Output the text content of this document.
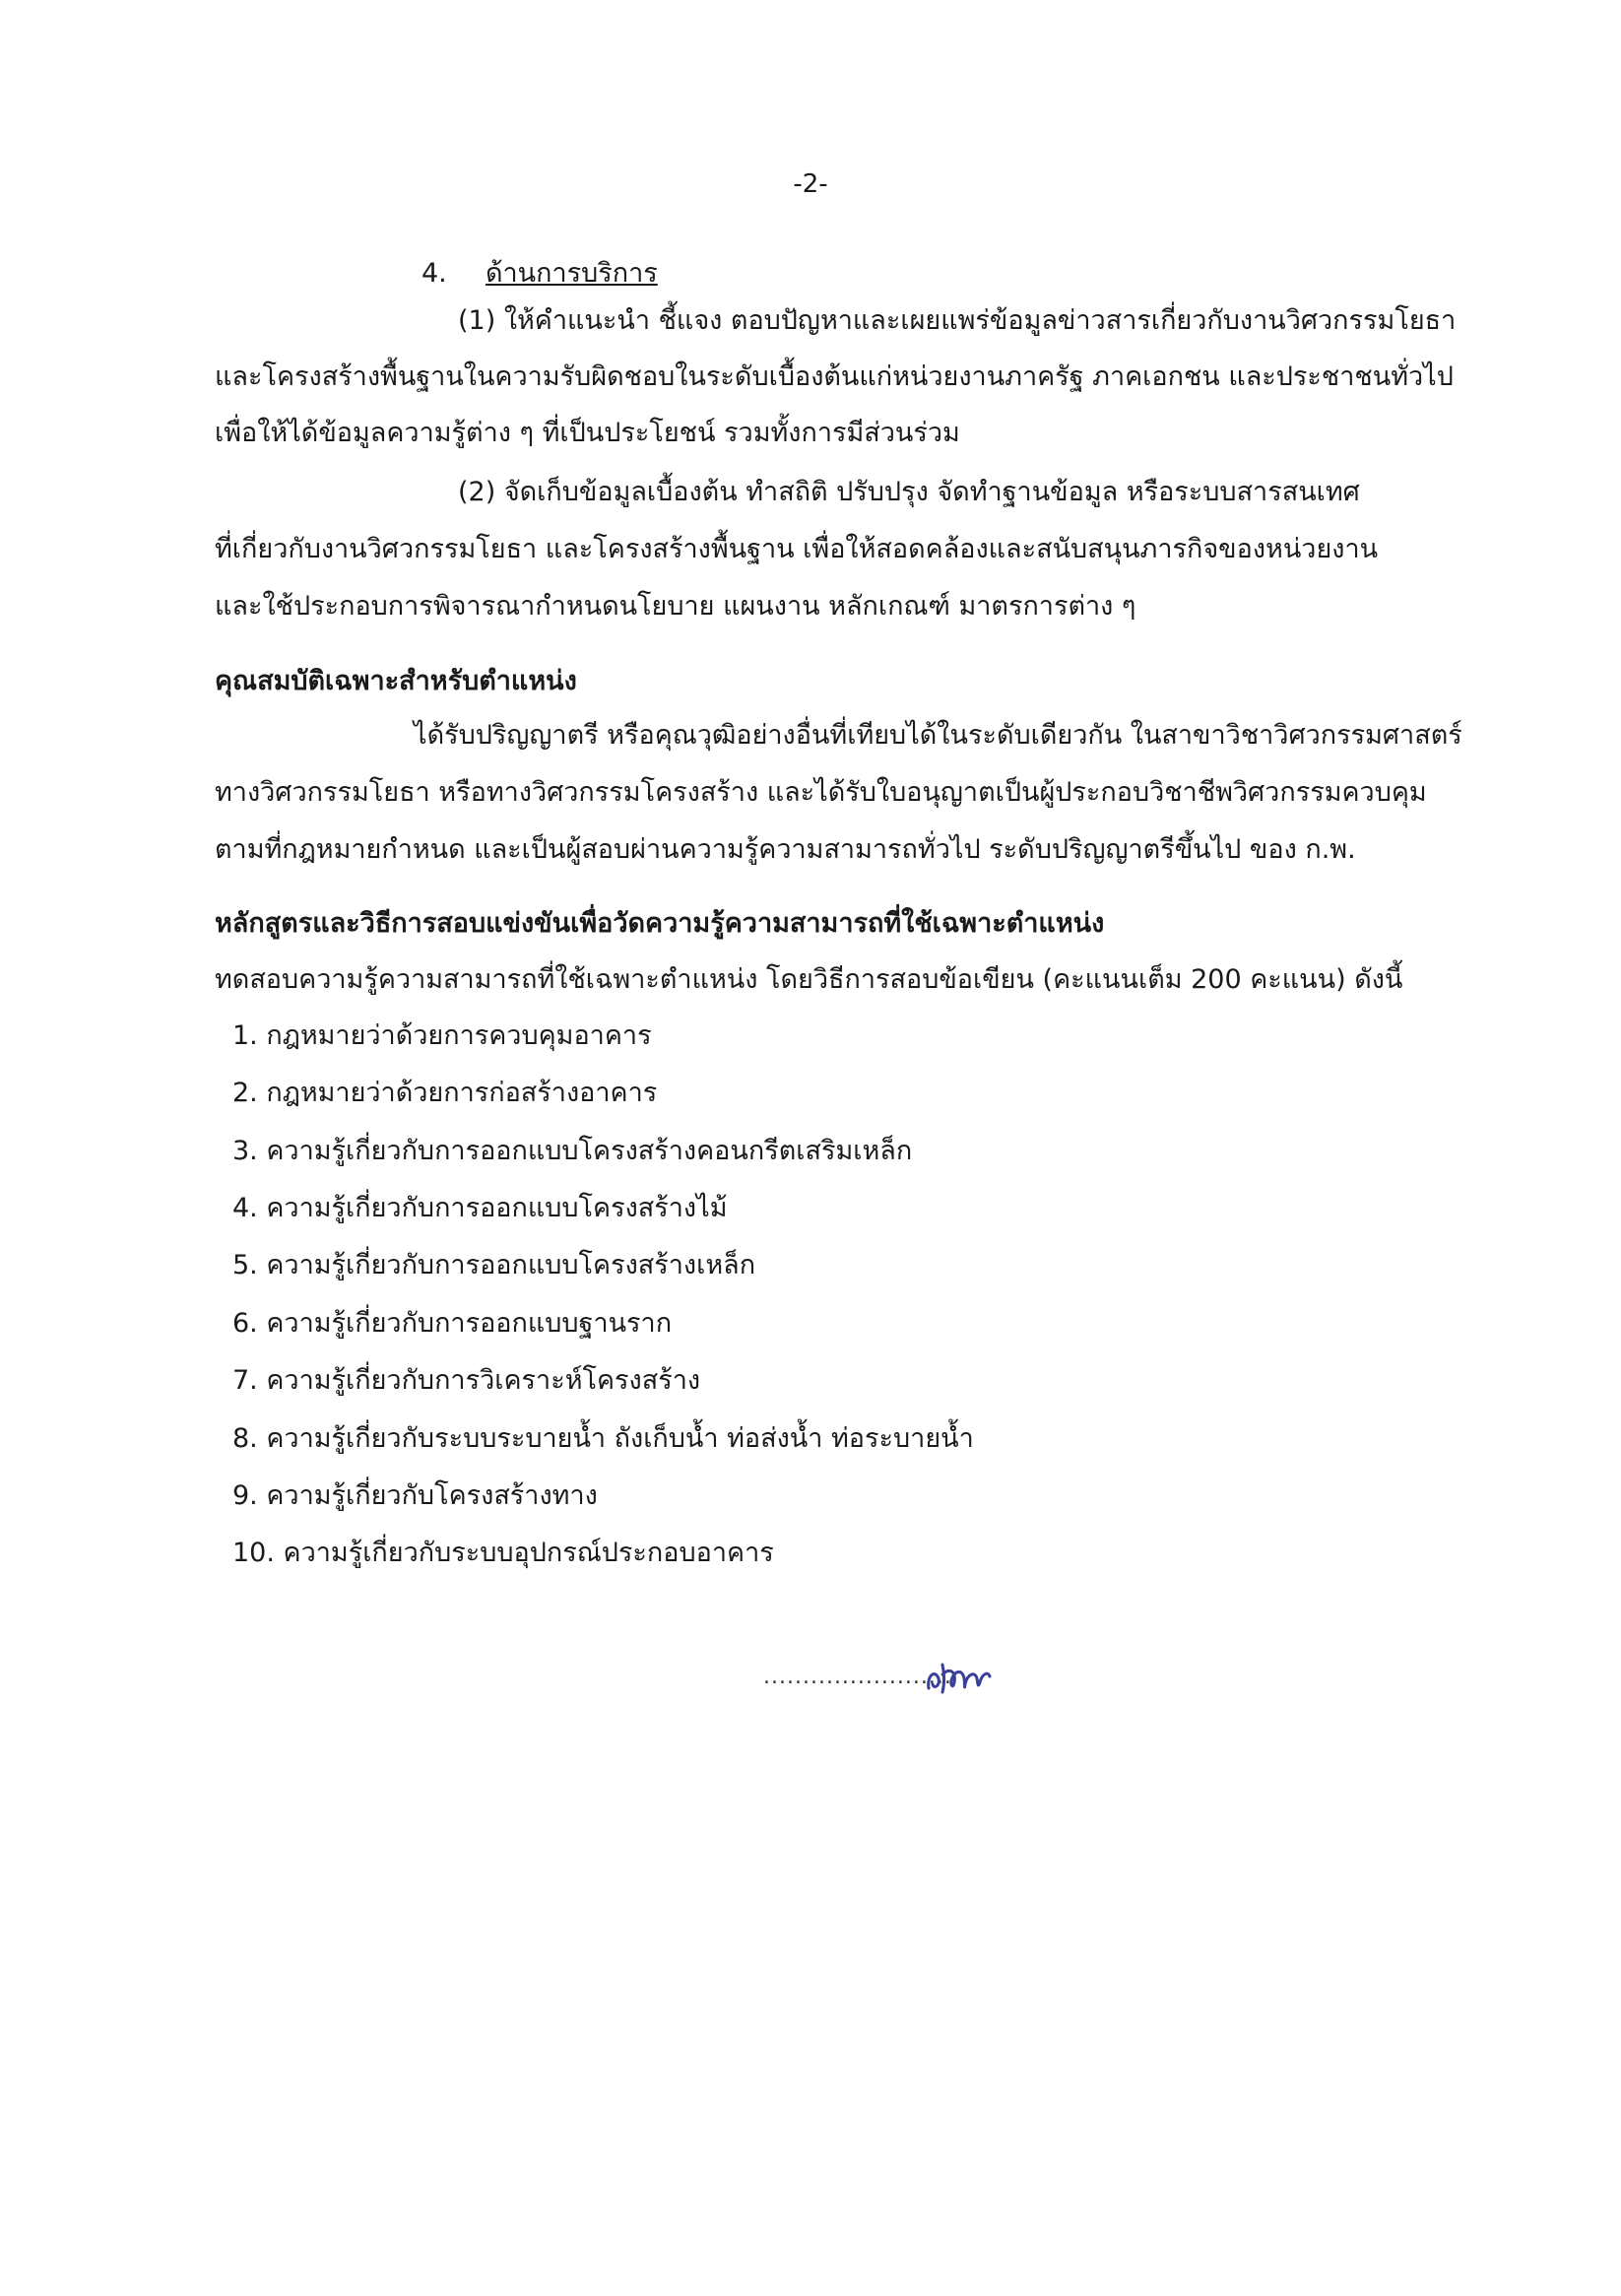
-2-
4. ด้านการบริการ
(1) ให้คำแนะนำ ชี้แจง ตอบปัญหาและเผยแพร่ข้อมูลข่าวสารเกี่ยวกับงานวิศวกรรมโยธา
และโครงสร้างพื้นฐานในความรับผิดชอบในระดับเบื้องต้นแก่หน่วยงานภาครัฐ ภาคเอกชน และประชาชนทั่วไป
เพื่อให้ได้ข้อมูลความรู้ต่าง ๆ ที่เป็นประโยชน์ รวมทั้งการมีส่วนร่วม
(2) จัดเก็บข้อมูลเบื้องต้น ทำสถิติ ปรับปรุง จัดทำฐานข้อมูล หรือระบบสารสนเทศ
ที่เกี่ยวกับงานวิศวกรรมโยธา และโครงสร้างพื้นฐาน เพื่อให้สอดคล้องและสนับสนุนภารกิจของหน่วยงาน
และใช้ประกอบการพิจารณากำหนดนโยบาย แผนงาน หลักเกณฑ์ มาตรการต่าง ๆ
คุณสมบัติเฉพาะสำหรับตำแหน่ง
ได้รับปริญญาตรี หรือคุณวุฒิอย่างอื่นที่เทียบได้ในระดับเดียวกัน ในสาขาวิชาวิศวกรรมศาสตร์
ทางวิศวกรรมโยธา หรือทางวิศวกรรมโครงสร้าง และได้รับใบอนุญาตเป็นผู้ประกอบวิชาชีพวิศวกรรมควบคุม
ตามที่กฎหมายกำหนด และเป็นผู้สอบผ่านความรู้ความสามารถทั่วไป ระดับปริญญาตรีขึ้นไป ของ ก.พ.
หลักสูตรและวิธีการสอบแข่งขันเพื่อวัดความรู้ความสามารถที่ใช้เฉพาะตำแหน่ง
ทดสอบความรู้ความสามารถที่ใช้เฉพาะตำแหน่ง โดยวิธีการสอบข้อเขียน (คะแนนเต็ม 200 คะแนน) ดังนี้
1. กฎหมายว่าด้วยการควบคุมอาคาร
2. กฎหมายว่าด้วยการก่อสร้างอาคาร
3. ความรู้เกี่ยวกับการออกแบบโครงสร้างคอนกรีตเสริมเหล็ก
4. ความรู้เกี่ยวกับการออกแบบโครงสร้างไม้
5. ความรู้เกี่ยวกับการออกแบบโครงสร้างเหล็ก
6. ความรู้เกี่ยวกับการออกแบบฐานราก
7. ความรู้เกี่ยวกับการวิเคราะห์โครงสร้าง
8. ความรู้เกี่ยวกับระบบระบายน้ำ ถังเก็บน้ำ ท่อส่งน้ำ ท่อระบายน้ำ
9. ความรู้เกี่ยวกับโครงสร้างทาง
10. ความรู้เกี่ยวกับระบบอุปกรณ์ประกอบอาคาร
........................
